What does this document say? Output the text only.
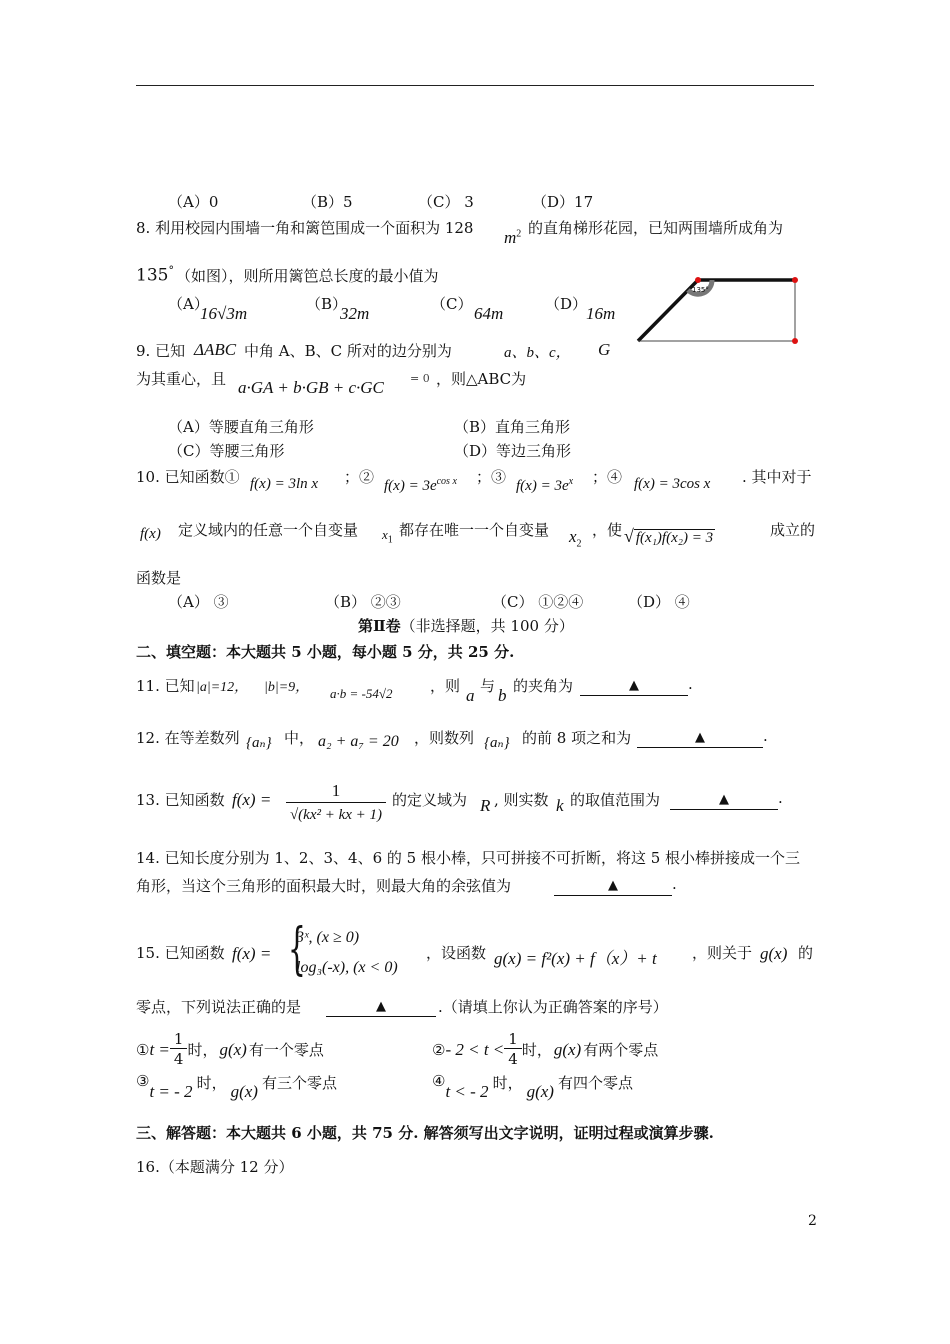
（A）0	（B）5	（C） 3	（D）17
8. 利用校园内围墙一角和篱笆围成一个面积为 128 $m^2$ 的直角梯形花园，已知两围墙所成角为
135° （如图），则所用篱笆总长度的最小值为
（A）
16√3m	（B）
32m	（C） 64m	（D）
16m
135°
9. 已知 ΔABC 中角 A、B、C 所对的边分别为	a、b、c， G
为其重心，且 a·GA + b·GB + c·GC = 0 ，则△ABC为
（A）等腰直角三角形	（B）直角三角形
（C）等腰三角形	（D）等边三角形
10. 已知函数① f(x) = 3ln x ；② $f(x) = 3e^{cos x}$ ；③ $f(x) = 3e^x$ ；④ f(x) = 3cos x . 其中对于
f(x) 定义域内的任意一个自变量 $x_1$
都存在唯一一个自变量 $x_2$
，使 √ f(x₁)f(x₂) = 3	成立的
函数是
（A） ③	（B） ②③	（C） ①②④	（D） ④
第Ⅱ卷（非选择题，共 100 分）
二、填空题：本大题共 5 小题，每小题 5 分，共 25 分.
11. 已知 |a|=12， |b|=9， a·b = -54√2	，则 a 与 b 的夹角为	▲	.
12. 在等差数列 {aₙ} 中， a₂ + a₇ = 20 ，则数列 {aₙ} 的前 8 项之和为	▲	.
13. 已知函数 $f(x) = \frac{1}{\text{√(kx² + kx + 1)}}$ 的定义域为 R , 则实数 k 的取值范围为	▲	.
14. 已知长度分别为 1、2、3、4、6 的 5 根小棒，只可拼接不可折断，将这 5 根小棒拼接成一个三
角形，当这个三角形的面积最大时，则最大角的余弦值为	▲	.
15. 已知函数 f(x) = {
3ˣ, (x ≥ 0)
log₃(-x), (x < 0)
，设函数 g(x) = f²(x) + f（x）+ t ，则关于 g(x) 的
零点，下列说法正确的是	▲	.（请填上你认为正确答案的序号）
① $t = \frac{1}{4}$ 时， g(x) 有一个零点	② - $2 < t < \frac{1}{4}$ 时， g(x) 有两个零点
③
t = - 2 时， g(x) 有三个零点	④
t < - 2 时， g(x) 有四个零点
三、解答题：本大题共 6 小题，共 75 分. 解答须写出文字说明，证明过程或演算步骤.
16.（本题满分 12 分）
2
